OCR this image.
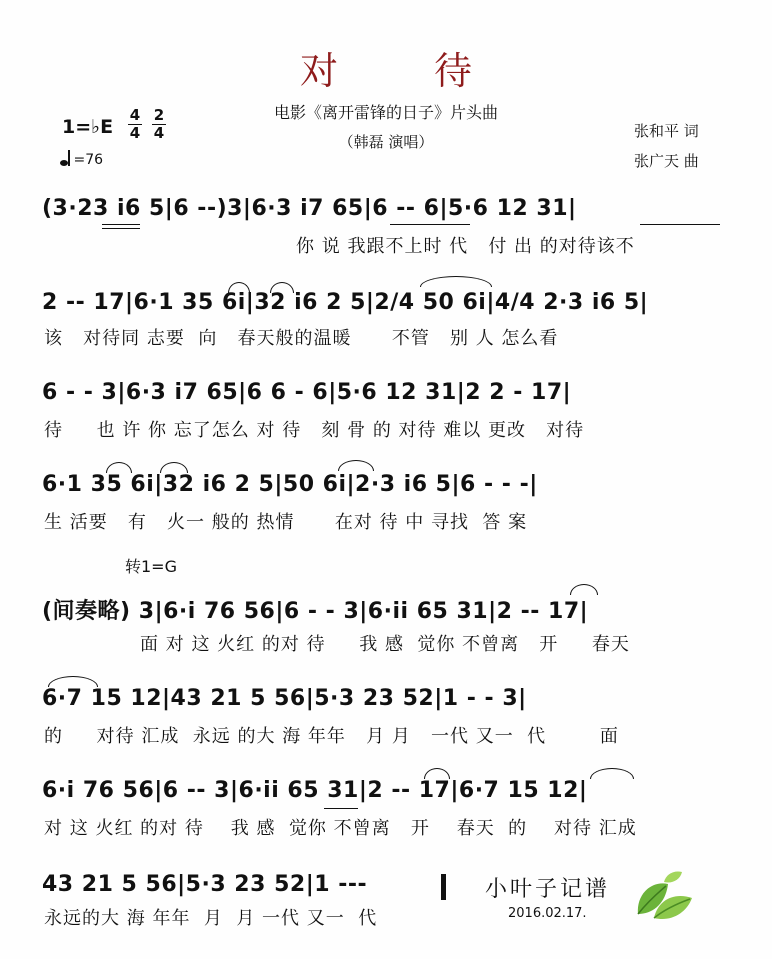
对 待
电影《离开雷锋的日子》片头曲
（韩磊 演唱）
张和平 词
张广天 曲
1=♭E
4
4
2
4
=76
(3·23 i6 5|6 --)3|6·3 i7 65|6 -- 6|5·6 12 31|
你 说 我跟不上时 代   付 出 的对待该不
2 -- 17|6·1 35 6i|32 i6 2 5|2/4 50 6i|4/4 2·3 i6 5|
该   对待同 志要  向   春天般的温暖      不管   别 人 怎么看
6 - - 3|6·3 i7 65|6 6 - 6|5·6 12 31|2 2 - 17|
待     也 许 你 忘了怎么 对 待   刻 骨 的 对待 难以 更改   对待
6·1 35 6i|32 i6 2 5|50 6i|2·3 i6 5|6 - - -|
生 活要   有   火一 般的 热情      在对 待 中 寻找  答 案
转1=G
(间奏略) 3|6·i 76 56|6 - - 3|6·ii 65 31|2 -- 17|
面 对 这 火红 的对 待     我 感  觉你 不曾离   开     春天
6·7 15 12|43 21 5 56|5·3 23 52|1 - - 3|
的     对待 汇成  永远 的大 海 年年   月 月   一代 又一  代        面
6·i 76 56|6 -- 3|6·ii 65 31|2 -- 17|6·7 15 12|
对 这 火红 的对 待    我 感  觉你 不曾离   开    春天  的    对待 汇成
43 21 5 56|5·3 23 52|1 ---
永远的大 海 年年  月  月 一代 又一  代
小叶子记谱
2016.02.17.
